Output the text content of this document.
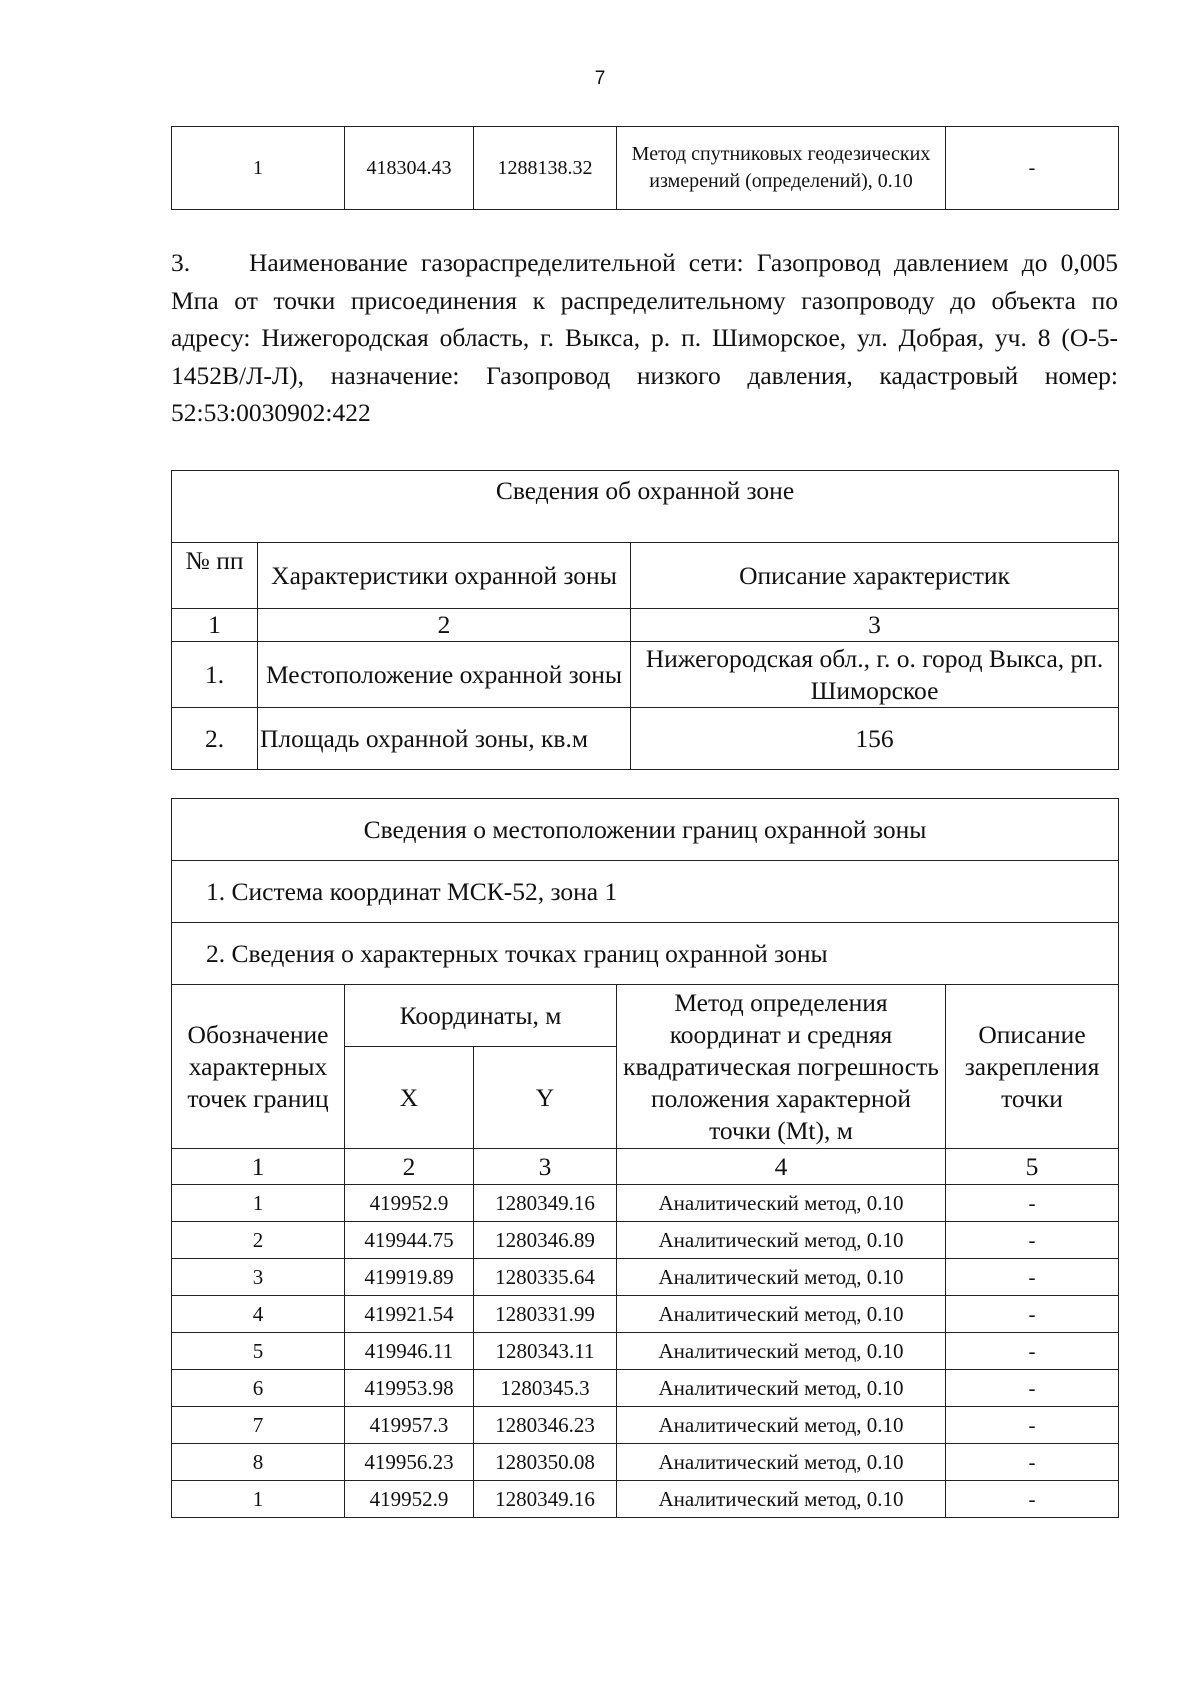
7
1	418304.43	1288138.32	Метод спутниковых геодезических измерений (определений), 0.10	-
3. Наименование газораспределительной сети: Газопровод давлением до 0,005 Мпа от точки присоединения к распределительному газопроводу до объекта по адресу: Нижегородская область, г. Выкса, р. п. Шиморское, ул. Добрая, уч. 8 (О-5-1452В/Л-Л), назначение: Газопровод низкого давления, кадастровый номер: 52:53:0030902:422
Сведения об охранной зоне		
№ пп	Характеристики охранной зоны	Описание характеристик
1	2	3
1.	Местоположение охранной зоны	Нижегородская обл., г. о. город Выкса, рп. Шиморское
2.	Площадь охранной зоны, кв.м	156
Сведения о местоположении границ охранной зоны				
1. Система координат МСК-52, зона 1				
2. Сведения о характерных точках границ охранной зоны				
Обозначение характерных точек границ	Координаты, м		Метод определения координат и средняя квадратическая погрешность положения характерной точки (Mt), м	Описание закрепления точки
	X	Y		
1	2	3	4	5
1	419952.9	1280349.16	Аналитический метод, 0.10	-
2	419944.75	1280346.89	Аналитический метод, 0.10	-
3	419919.89	1280335.64	Аналитический метод, 0.10	-
4	419921.54	1280331.99	Аналитический метод, 0.10	-
5	419946.11	1280343.11	Аналитический метод, 0.10	-
6	419953.98	1280345.3	Аналитический метод, 0.10	-
7	419957.3	1280346.23	Аналитический метод, 0.10	-
8	419956.23	1280350.08	Аналитический метод, 0.10	-
1	419952.9	1280349.16	Аналитический метод, 0.10	-
